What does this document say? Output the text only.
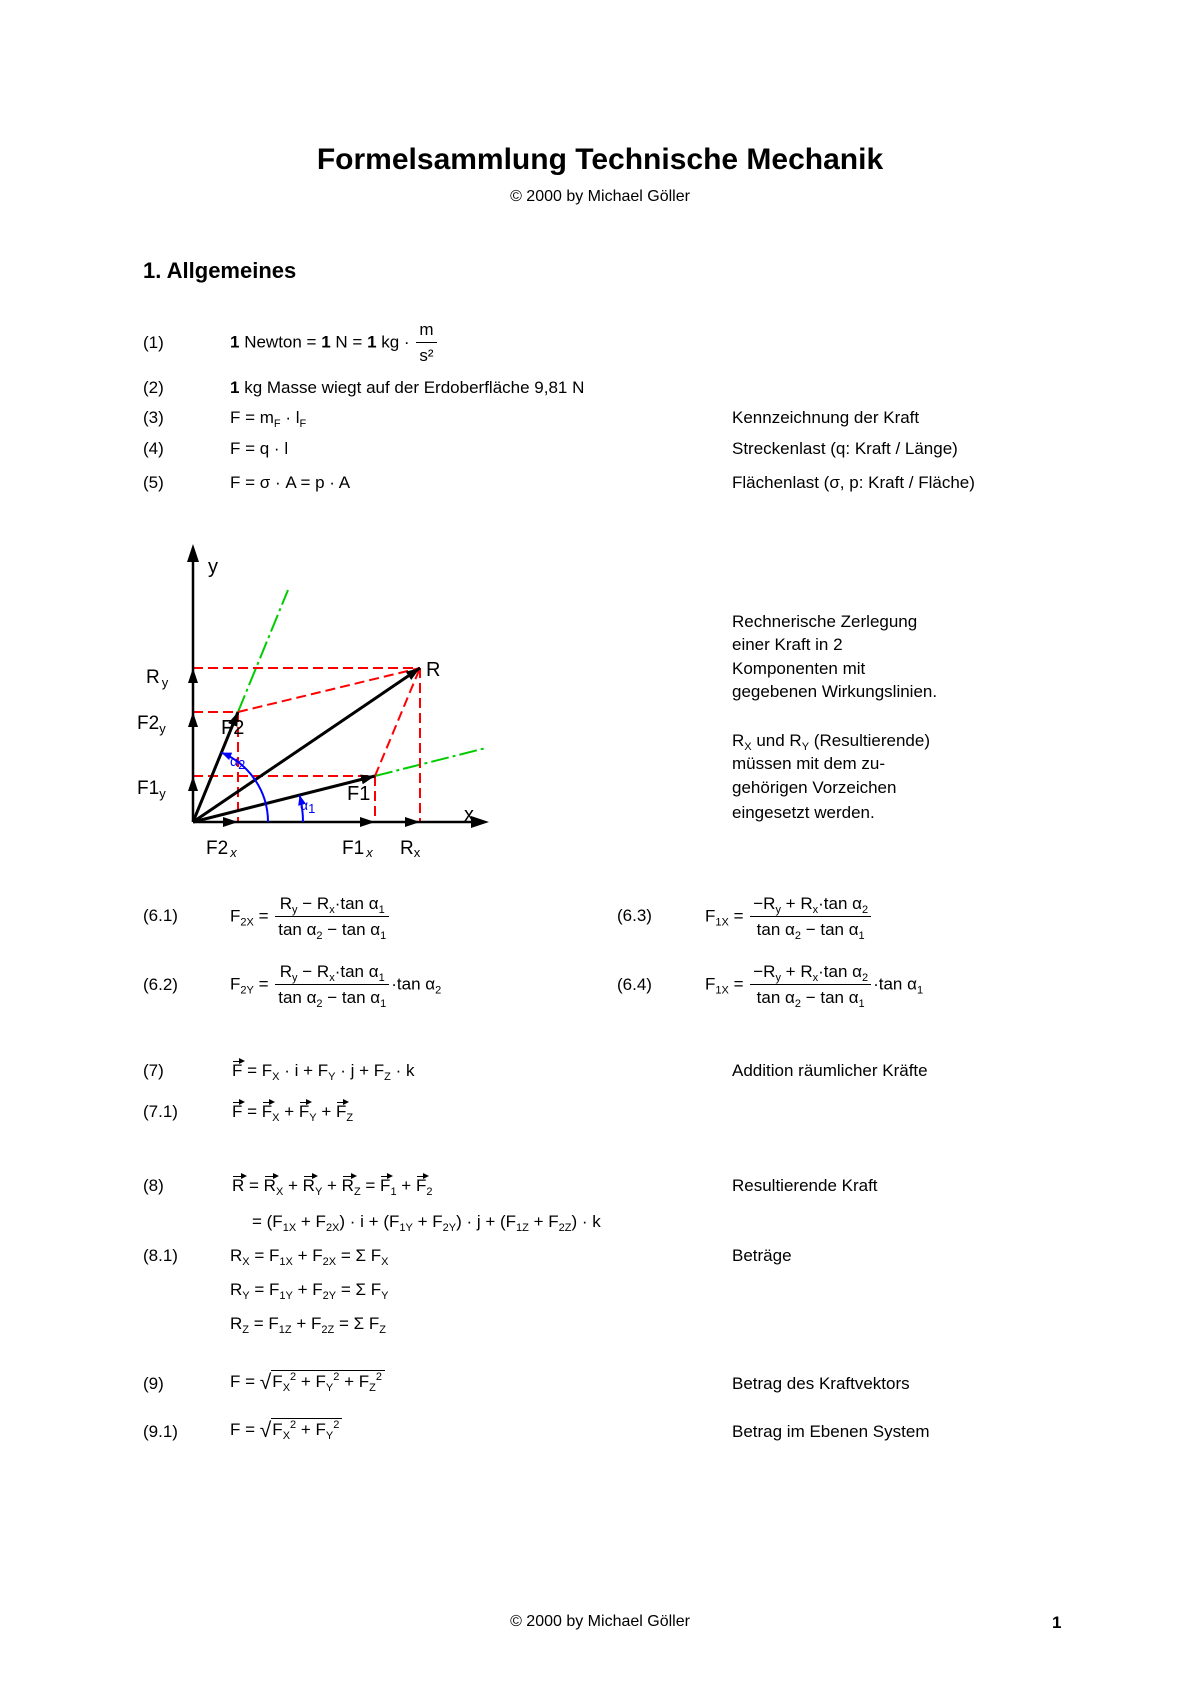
Formelsammlung Technische Mechanik
© 2000 by Michael Göller
1. Allgemeines
(1)	1 Newton = 1 N = 1 kg · $\frac{m}{\text{s²}}$
(2)	1 kg Masse wiegt auf der Erdoberfläche 9,81 N
(3)	$F = m_F \cdot l_F$	Kennzeichnung der Kraft
(4)	F = q · l	Streckenlast (q: Kraft / Länge)
(5)	F = σ · A = p · A	Flächenlast (σ, p: Kraft / Fläche)
y
x
R
F2
F1
R $_y$
$F2_y$
$F1_y$
F2 x	F1 x Rx
α2
α1
Rechnerische Zerlegung
einer Kraft in 2
Komponenten mit
gegebenen Wirkungslinien.
$R_X$ und $R_Y$ (Resultierende)
müssen mit dem zu-
gehörigen Vorzeichen
eingesetzt werden.
(6.1)	$F_{2X} = \frac{R_y - R_x\cdot\tan \alpha_1}{\tan \alpha_2 - \tan \alpha_1}$	(6.3)	$F_{1X} = \frac{-R_y + R_x\cdot\tan \alpha_2}{\tan \alpha_2 - \tan \alpha_1}$
(6.2)	$F_{2Y} = \frac{R_y - R_x\cdot\tan \alpha_1}{\tan \alpha_2 - \tan \alpha_1} \cdot\tan$ $\alpha_2$	(6.4)	$F_{1X} = \frac{-R_y + R_x\cdot\tan \alpha_2}{\tan \alpha_2 - \tan \alpha_1} \cdot\tan$ $\alpha_1$
(7)	$F = F_X \cdot i + F_Y \cdot j + F_Z \cdot k$	Addition räumlicher Kräfte
(7.1)	$F = F_X + F_Y + F_Z$
(8)	$R = R_X + R_Y + R_Z = F_1 + F_2$	Resultierende Kraft
= $(F_{1X} + F_{2X}) \cdot i + (F_{1Y} + F_{2Y}) \cdot j + (F_{1Z} + F_{2Z}) \cdot k$
(8.1)	$R_X = F_{1X} + F_{2X} = \Sigma$ $F_X$	Beträge
$R_Y = F_{1Y} + F_{2Y} = \Sigma$ $F_Y$
$R_Z = F_{1Z} + F_{2Z} = \Sigma$ $F_Z$
(9)	$F = √F_X^2 + F_Y^2 + F_Z^2$	Betrag des Kraftvektors
(9.1)	$F = √F_X^2 + F_Y^2$	Betrag im Ebenen System
© 2000 by Michael Göller	1
